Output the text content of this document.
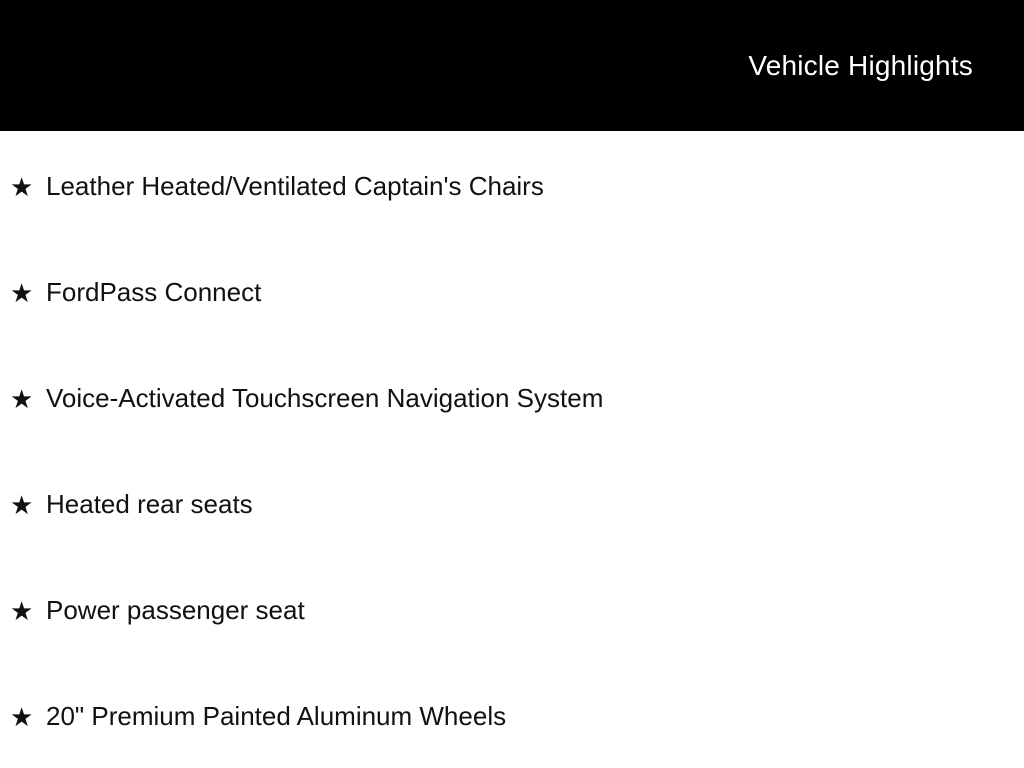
Vehicle Highlights
★ Leather Heated/Ventilated Captain's Chairs
★ FordPass Connect
★ Voice-Activated Touchscreen Navigation System
★ Heated rear seats
★ Power passenger seat
★ 20" Premium Painted Aluminum Wheels
